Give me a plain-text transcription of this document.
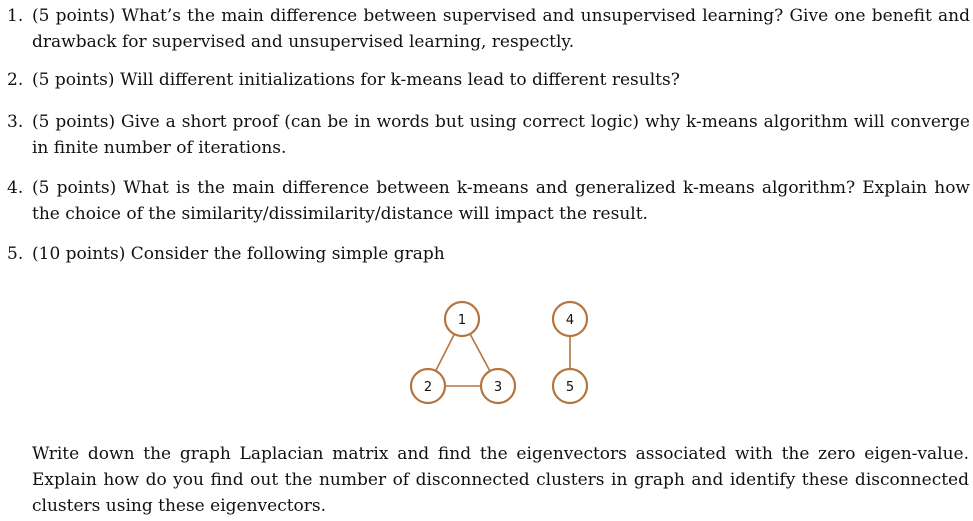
1. (5 points) What’s the main difference between supervised and unsupervised learning? Give one benefit and drawback for supervised and unsupervised learning, respectly.
2. (5 points) Will different initializations for k-means lead to different results?
3. (5 points) Give a short proof (can be in words but using correct logic) why k-means algorithm will converge in finite number of iterations.
4. (5 points) What is the main difference between k-means and generalized k-means algorithm? Explain how the choice of the similarity/dissimilarity/distance will impact the result.
5. (10 points) Consider the following simple graph
1
2	3
4
5
Write down the graph Laplacian matrix and find the eigenvectors associated with the zero eigen-value. Explain how do you find out the number of disconnected clusters in graph and identify these disconnected clusters using these eigenvectors.
